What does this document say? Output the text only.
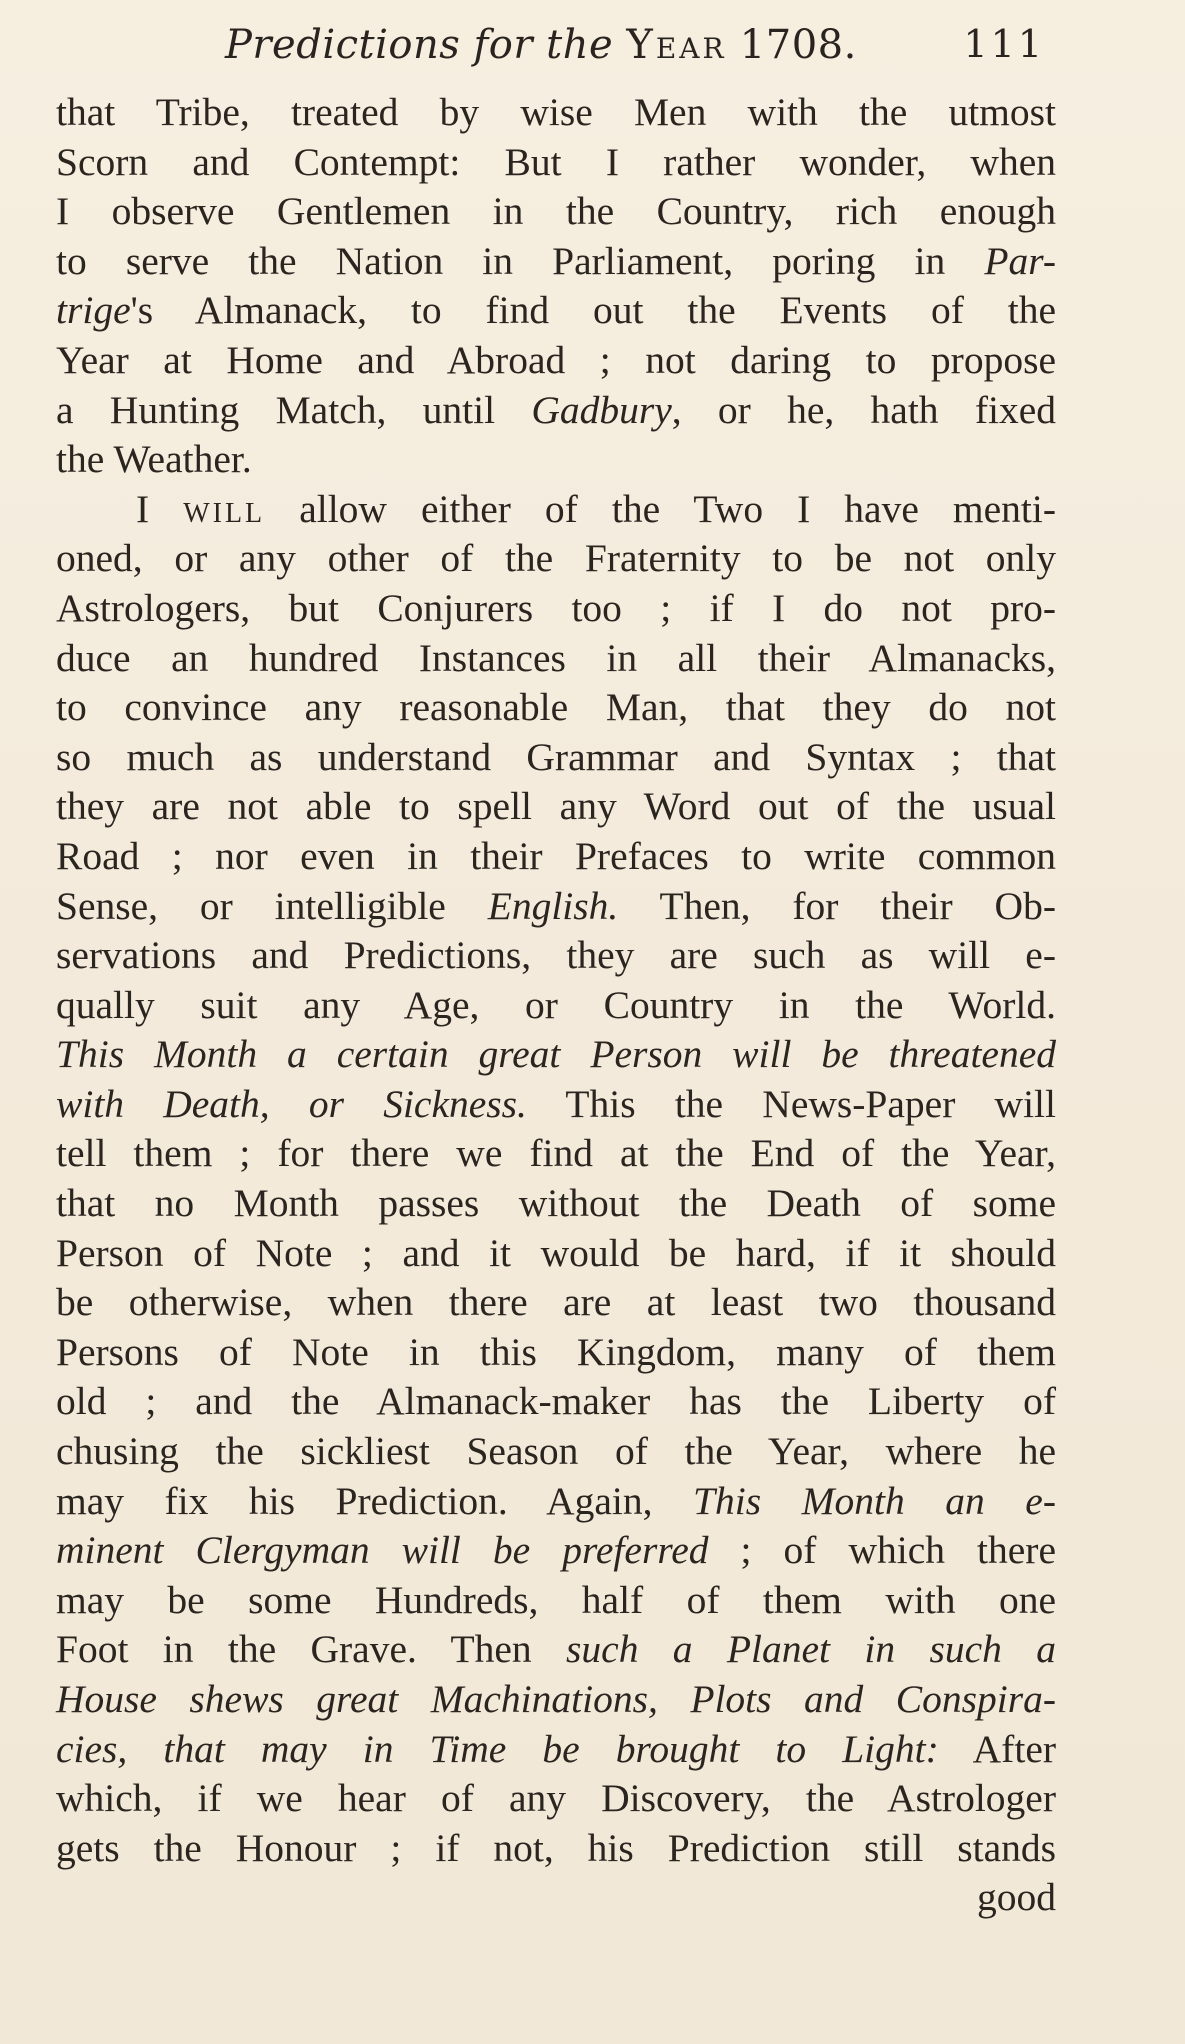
Predictions for the Year 1708.	111
that Tribe, treated by wise Men with the utmost
Scorn and Contempt: But I rather wonder, when
I observe Gentlemen in the Country, rich enough
to serve the Nation in Parliament, poring in Par-
trige's Almanack, to find out the Events of the
Year at Home and Abroad ; not daring to propose
a Hunting Match, until Gadbury, or he, hath fixed
the Weather.
I will allow either of the Two I have menti-
oned, or any other of the Fraternity to be not only
Astrologers, but Conjurers too ; if I do not pro-
duce an hundred Instances in all their Almanacks,
to convince any reasonable Man, that they do not
so much as understand Grammar and Syntax ; that
they are not able to spell any Word out of the usual
Road ; nor even in their Prefaces to write common
Sense, or intelligible English. Then, for their Ob-
servations and Predictions, they are such as will e-
qually suit any Age, or Country in the World.
This Month a certain great Person will be threatened
with Death, or Sickness. This the News-Paper will
tell them ; for there we find at the End of the Year,
that no Month passes without the Death of some
Person of Note ; and it would be hard, if it should
be otherwise, when there are at least two thousand
Persons of Note in this Kingdom, many of them
old ; and the Almanack-maker has the Liberty of
chusing the sickliest Season of the Year, where he
may fix his Prediction. Again, This Month an e-
minent Clergyman will be preferred ; of which there
may be some Hundreds, half of them with one
Foot in the Grave. Then such a Planet in such a
House shews great Machinations, Plots and Conspira-
cies, that may in Time be brought to Light: After
which, if we hear of any Discovery, the Astrologer
gets the Honour ; if not, his Prediction still stands
good
